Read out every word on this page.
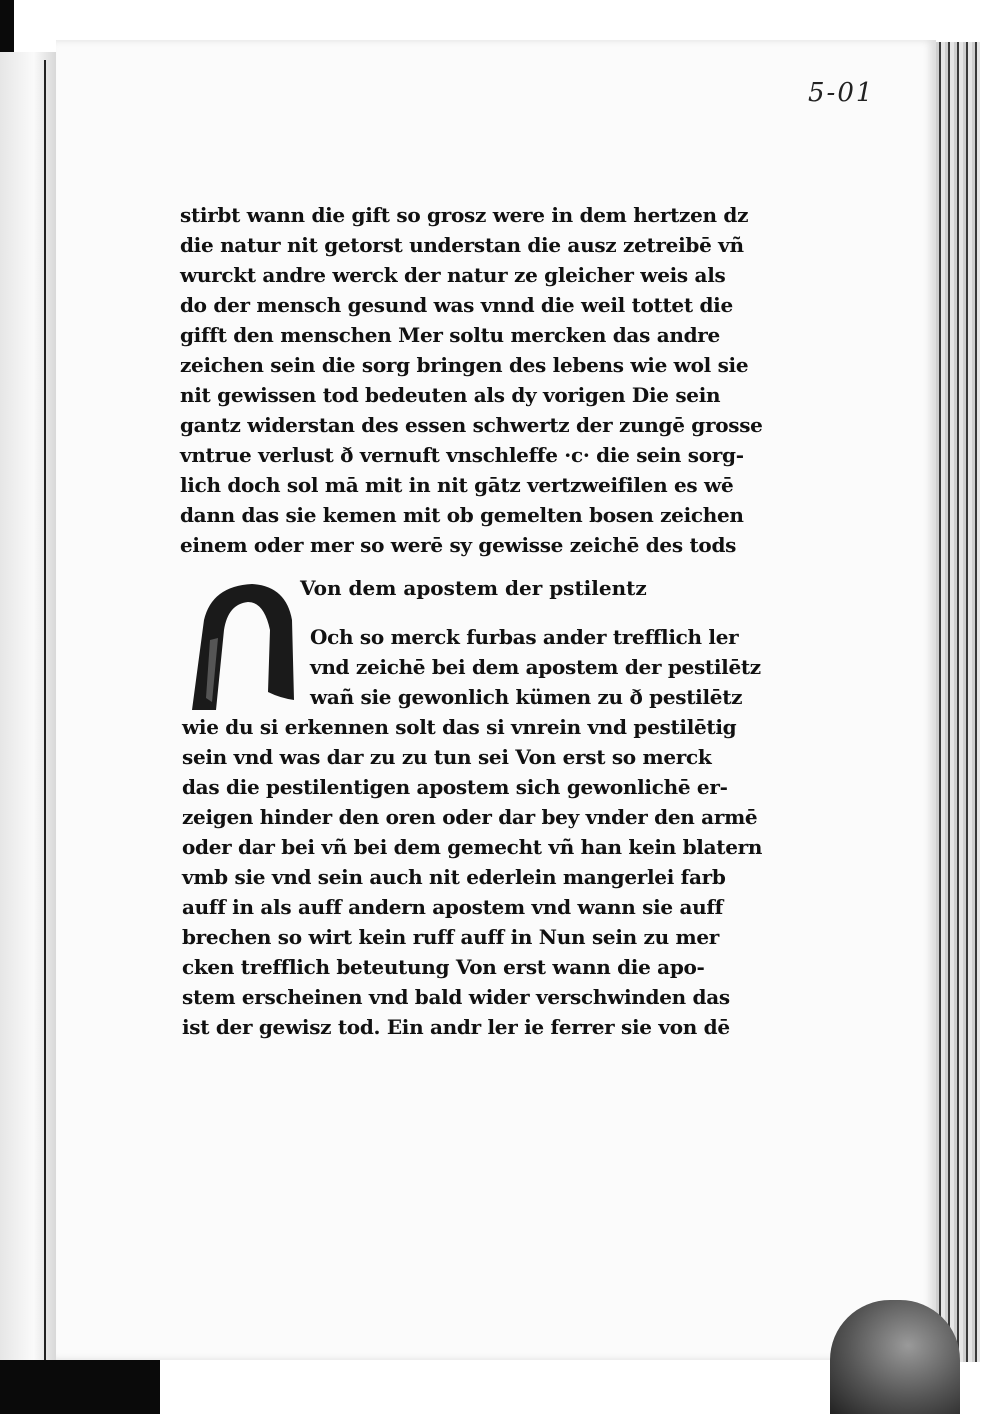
5-01
stirbt wann die gift so grosz were in dem hertzen dz
die natur nit getorst understan die ausz zetreibē vñ
wurckt andre werck der natur ze gleicher weis als
do der mensch gesund was vnnd die weil tottet die
gifft den menschen Mer soltu mercken das andre
zeichen sein die sorg bringen des lebens wie wol sie
nit gewissen tod bedeuten als dy vorigen Die sein
gantz widerstan des essen schwertz der zungē grosse
vntrue verlust ð vernuft vnschleffe ·c· die sein sorg-
lich doch sol mā mit in nit gātz vertzweifilen es wē
dann das sie kemen mit ob gemelten bosen zeichen
einem oder mer so werē sy gewisse zeichē des tods
Von dem apostem der pstilentz
Och so merck furbas ander trefflich ler
vnd zeichē bei dem apostem der pestilētz
wañ sie gewonlich kümen zu ð pestilētz
wie du si erkennen solt das si vnrein vnd pestilētig
sein vnd was dar zu zu tun sei Von erst so merck
das die pestilentigen apostem sich gewonlichē er-
zeigen hinder den oren oder dar bey vnder den armē
oder dar bei vñ bei dem gemecht vñ han kein blatern
vmb sie vnd sein auch nit ederlein mangerlei farb
auff in als auff andern apostem vnd wann sie auff
brechen so wirt kein ruff auff in Nun sein zu mer
cken trefflich beteutung Von erst wann die apo-
stem erscheinen vnd bald wider verschwinden das
ist der gewisz tod. Ein andr ler ie ferrer sie von dē
